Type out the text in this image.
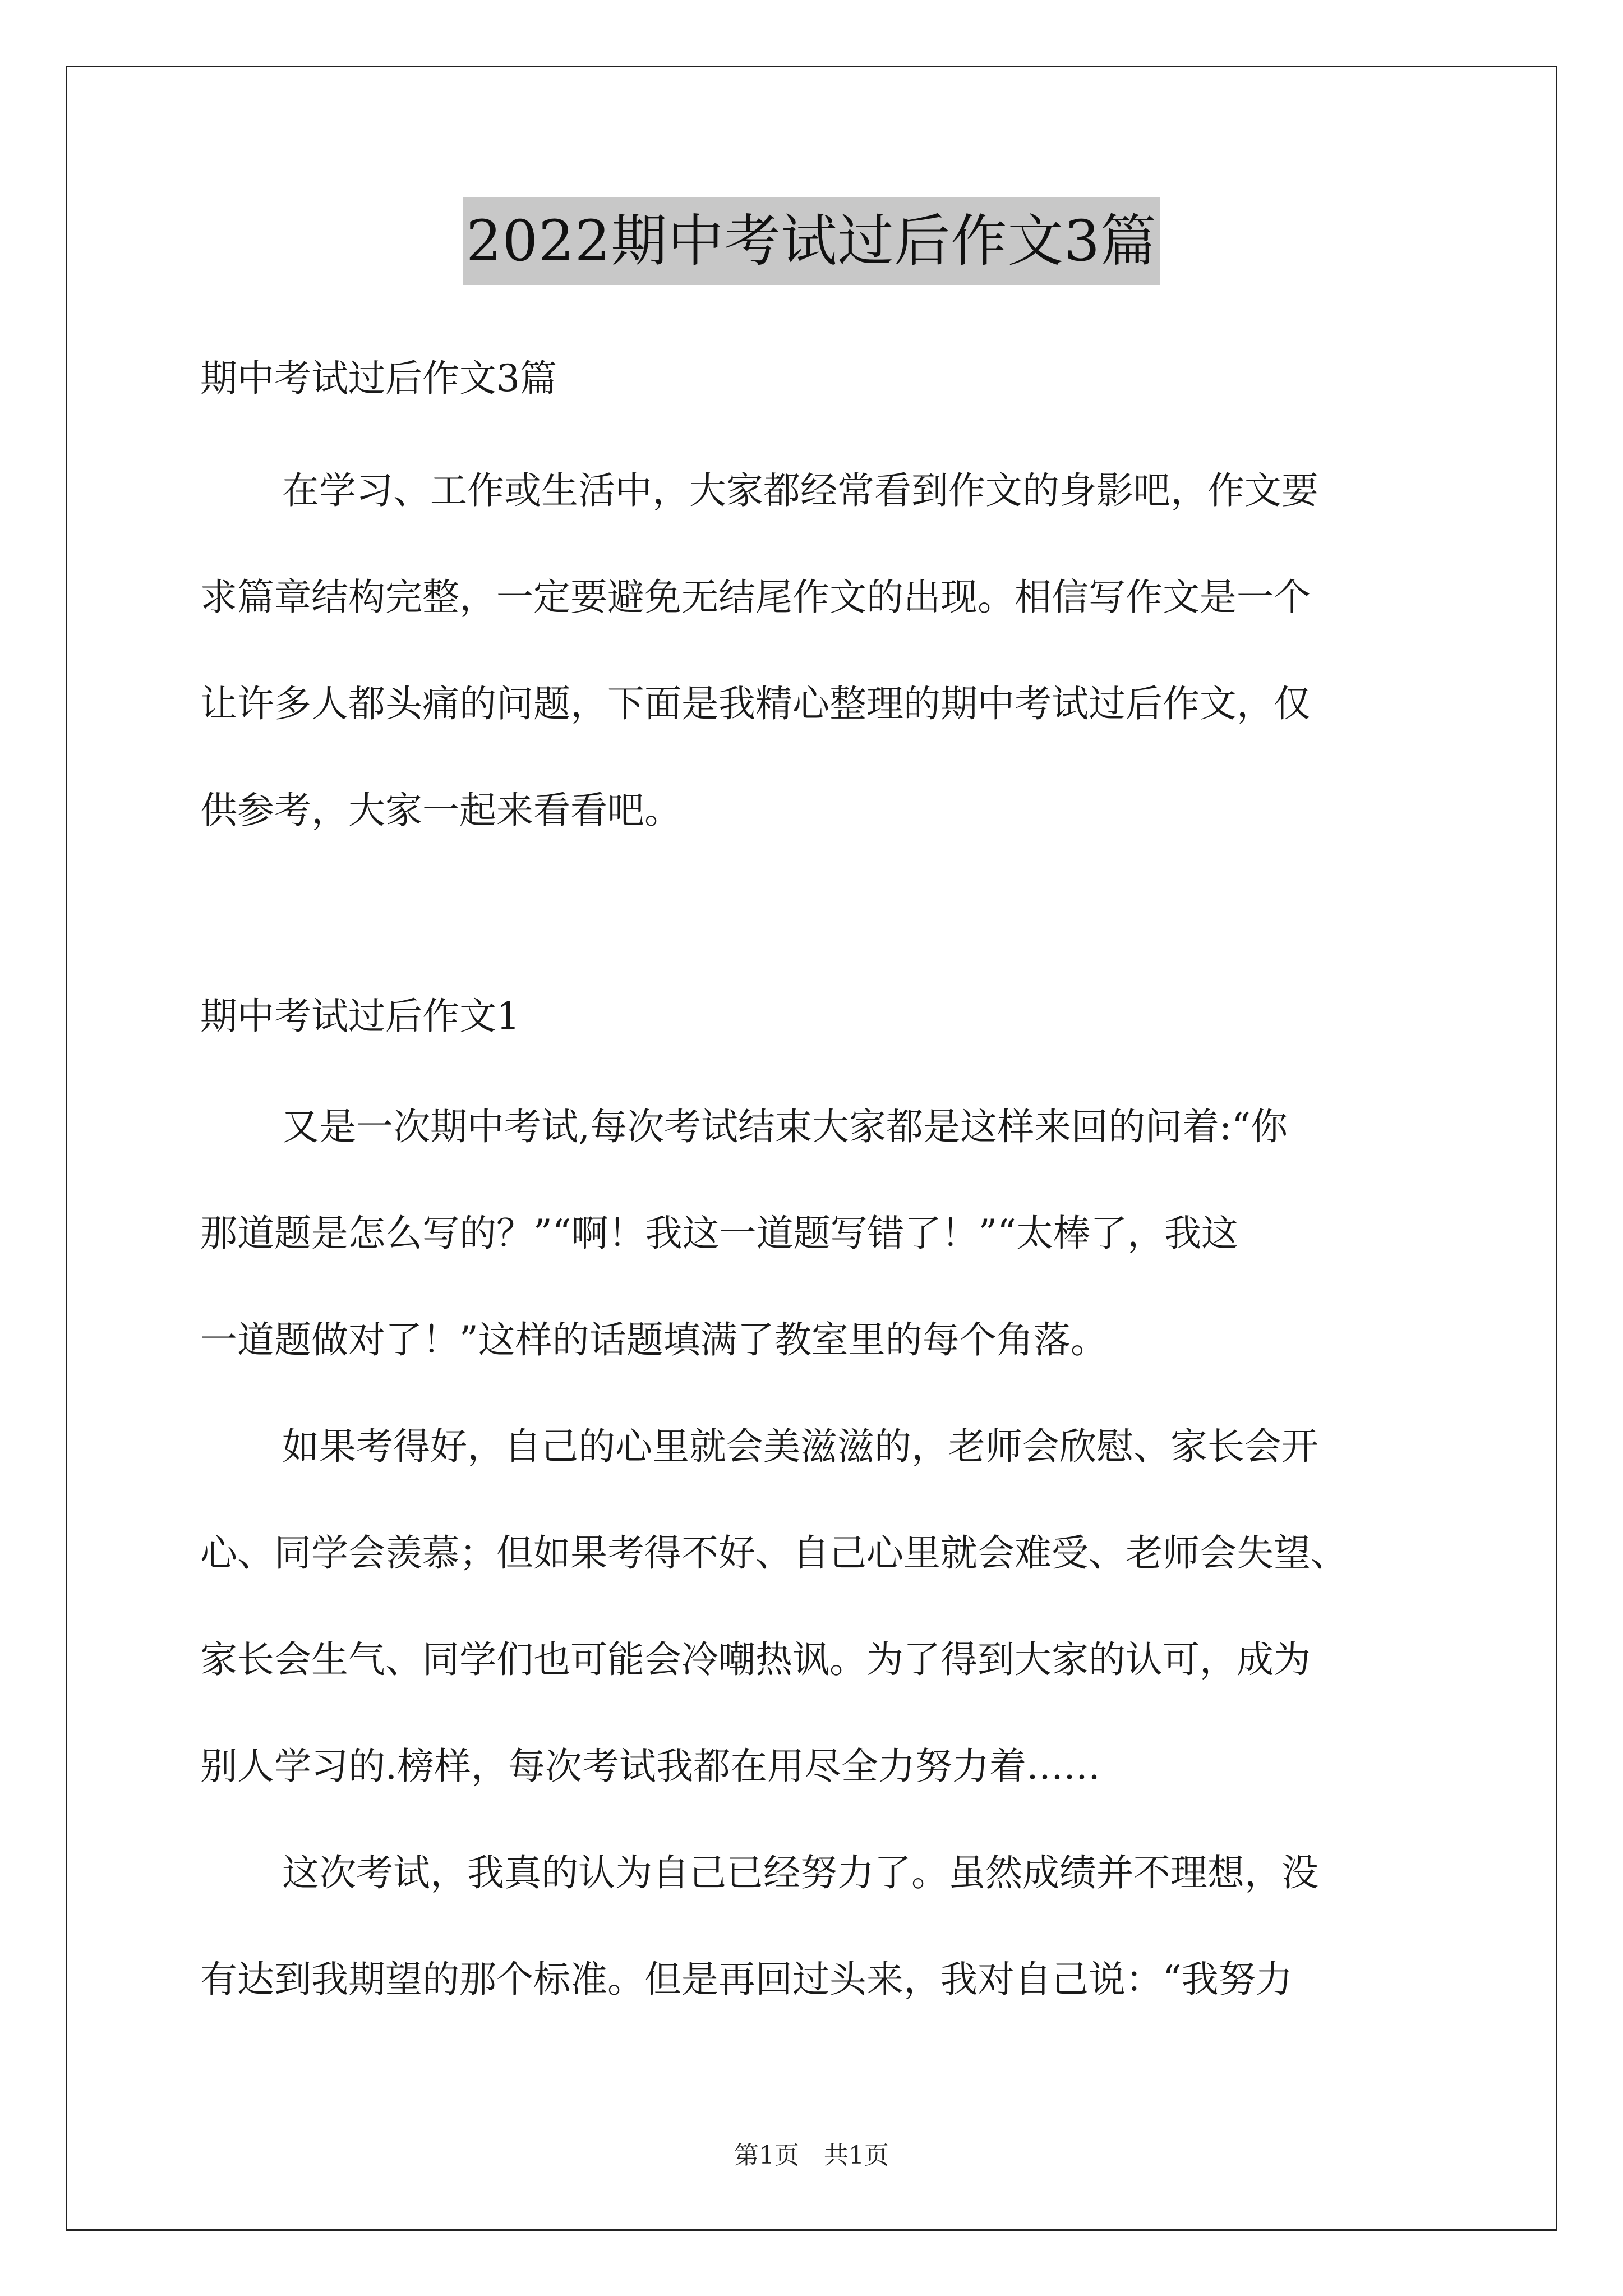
2022期中考试过后作文3篇
期中考试过后作文3篇
在学习、工作或生活中，大家都经常看到作文的身影吧，作文要
求篇章结构完整，一定要避免无结尾作文的出现。相信写作文是一个
让许多人都头痛的问题，下面是我精心整理的期中考试过后作文，仅
供参考，大家一起来看看吧。
期中考试过后作文1
又是一次期中考试,每次考试结束大家都是这样来回的问着:“你
那道题是怎么写的？”“啊！我这一道题写错了！”“太棒了，我这
一道题做对了！”这样的话题填满了教室里的每个角落。
如果考得好，自己的心里就会美滋滋的，老师会欣慰、家长会开
心、同学会羡慕；但如果考得不好、自己心里就会难受、老师会失望、
家长会生气、同学们也可能会冷嘲热讽。为了得到大家的认可，成为
别人学习的.榜样，每次考试我都在用尽全力努力着……
这次考试，我真的认为自己已经努力了。虽然成绩并不理想，没
有达到我期望的那个标准。但是再回过头来，我对自己说：“我努力
第1页　共1页
